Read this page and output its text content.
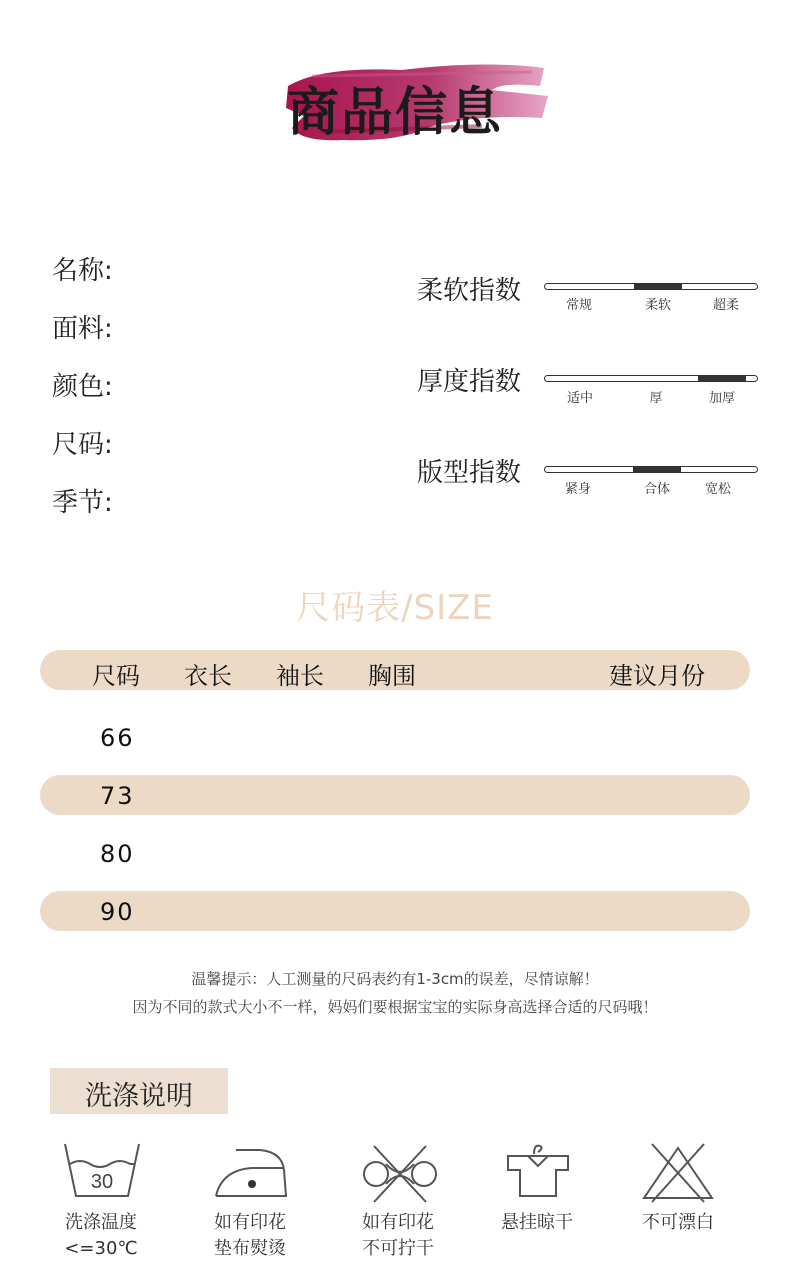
商品信息
名称:
面料:
颜色:
尺码:
季节:
柔软指数	常规	柔软	超柔
厚度指数
适中	厚	加厚
版型指数
紧身	合体	宽松
尺码表/SIZE
尺码 衣长 袖长 胸围	建议月份
66
73
80
90
温馨提示：人工测量的尺码表约有1-3cm的误差，尽情谅解！
因为不同的款式大小不一样，妈妈们要根据宝宝的实际身高选择合适的尺码哦！
洗涤说明
30
洗涤温度
<=30℃
如有印花
垫布熨烫
如有印花
不可拧干
悬挂晾干	不可漂白
